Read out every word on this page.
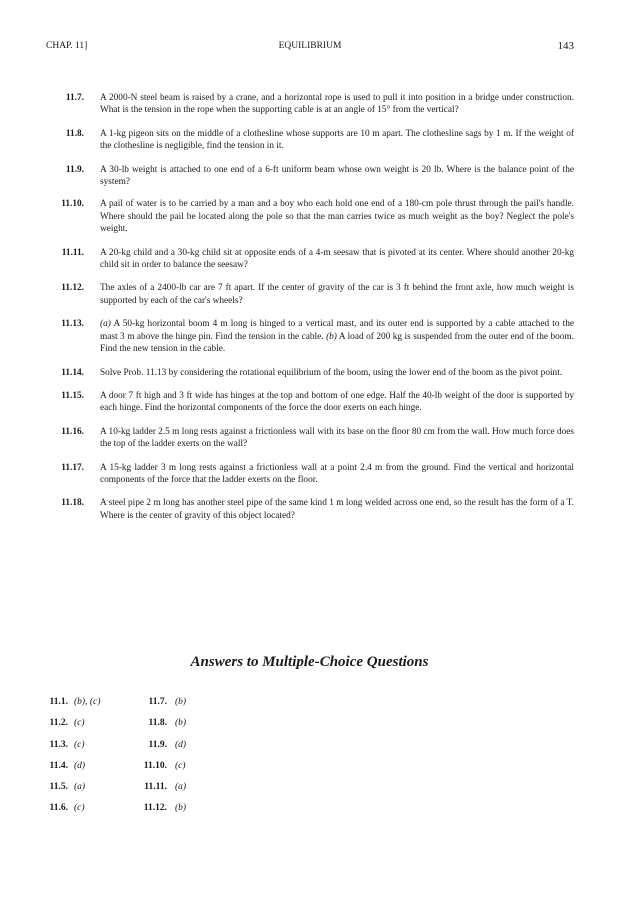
CHAP. 11]	EQUILIBRIUM	143
11.7. A 2000-N steel beam is raised by a crane, and a horizontal rope is used to pull it into position in a bridge under construction. What is the tension in the rope when the supporting cable is at an angle of 15° from the vertical?
11.8. A 1-kg pigeon sits on the middle of a clothesline whose supports are 10 m apart. The clothesline sags by 1 m. If the weight of the clothesline is negligible, find the tension in it.
11.9. A 30-lb weight is attached to one end of a 6-ft uniform beam whose own weight is 20 lb. Where is the balance point of the system?
11.10. A pail of water is to be carried by a man and a boy who each hold one end of a 180-cm pole thrust through the pail's handle. Where should the pail be located along the pole so that the man carries twice as much weight as the boy? Neglect the pole's weight.
11.11. A 20-kg child and a 30-kg child sit at opposite ends of a 4-m seesaw that is pivoted at its center. Where should another 20-kg child sit in order to balance the seesaw?
11.12. The axles of a 2400-lb car are 7 ft apart. If the center of gravity of the car is 3 ft behind the front axle, how much weight is supported by each of the car's wheels?
11.13. (a) A 50-kg horizontal boom 4 m long is hinged to a vertical mast, and its outer end is supported by a cable attached to the mast 3 m above the hinge pin. Find the tension in the cable. (b) A load of 200 kg is suspended from the outer end of the boom. Find the new tension in the cable.
11.14. Solve Prob. 11.13 by considering the rotational equilibrium of the boom, using the lower end of the boom as the pivot point.
11.15. A door 7 ft high and 3 ft wide has hinges at the top and bottom of one edge. Half the 40-lb weight of the door is supported by each hinge. Find the horizontal components of the force the door exerts on each hinge.
11.16. A 10-kg ladder 2.5 m long rests against a frictionless wall with its base on the floor 80 cm from the wall. How much force does the top of the ladder exerts on the wall?
11.17. A 15-kg ladder 3 m long rests against a frictionless wall at a point 2.4 m from the ground. Find the vertical and horizontal components of the force that the ladder exerts on the floor.
11.18. A steel pipe 2 m long has another steel pipe of the same kind 1 m long welded across one end, so the result has the form of a T. Where is the center of gravity of this object located?
Answers to Multiple-Choice Questions
11.1. (b), (c)	11.7. (b)
11.2. (c)	11.8. (b)
11.3. (c)	11.9. (d)
11.4. (d)	11.10. (c)
11.5. (a)	11.11. (a)
11.6. (c)	11.12. (b)
